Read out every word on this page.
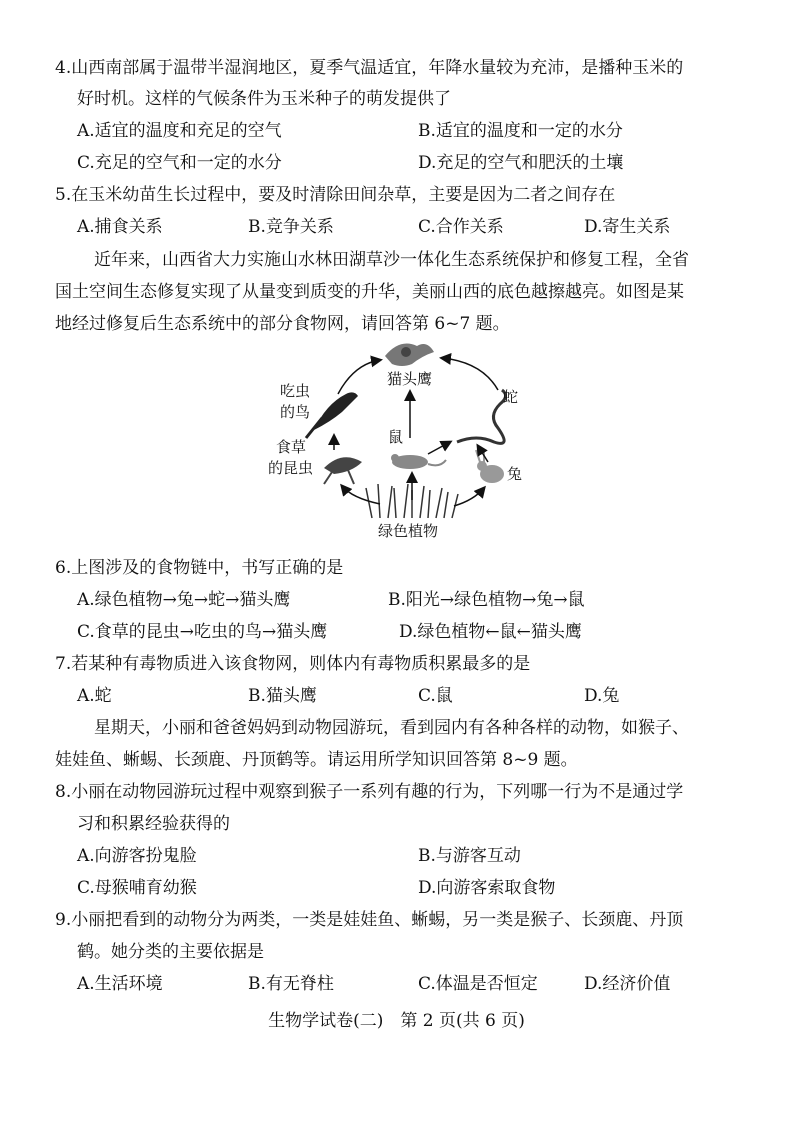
4.山西南部属于温带半湿润地区，夏季气温适宜，年降水量较为充沛，是播种玉米的
好时机。这样的气候条件为玉米种子的萌发提供了
A.适宜的温度和充足的空气	B.适宜的温度和一定的水分
C.充足的空气和一定的水分	D.充足的空气和肥沃的土壤
5.在玉米幼苗生长过程中，要及时清除田间杂草，主要是因为二者之间存在
A.捕食关系	B.竞争关系	C.合作关系	D.寄生关系
近年来，山西省大力实施山水林田湖草沙一体化生态系统保护和修复工程，全省
国土空间生态修复实现了从量变到质变的升华，美丽山西的底色越擦越亮。如图是某
地经过修复后生态系统中的部分食物网，请回答第 6~7 题。
猫头鹰
蛇
吃虫
的鸟
鼠
食草
的昆虫	兔
绿色植物
6.上图涉及的食物链中，书写正确的是
A.绿色植物→兔→蛇→猫头鹰	B.阳光→绿色植物→兔→鼠
C.食草的昆虫→吃虫的鸟→猫头鹰	D.绿色植物←鼠←猫头鹰
7.若某种有毒物质进入该食物网，则体内有毒物质积累最多的是
A.蛇	B.猫头鹰	C.鼠	D.兔
星期天，小丽和爸爸妈妈到动物园游玩，看到园内有各种各样的动物，如猴子、
娃娃鱼、蜥蜴、长颈鹿、丹顶鹤等。请运用所学知识回答第 8~9 题。
8.小丽在动物园游玩过程中观察到猴子一系列有趣的行为，下列哪一行为不是通过学
习和积累经验获得的
A.向游客扮鬼脸	B.与游客互动
C.母猴哺育幼猴	D.向游客索取食物
9.小丽把看到的动物分为两类，一类是娃娃鱼、蜥蜴，另一类是猴子、长颈鹿、丹顶
鹤。她分类的主要依据是
A.生活环境	B.有无脊柱	C.体温是否恒定	D.经济价值
生物学试卷(二)　第 2 页(共 6 页)
